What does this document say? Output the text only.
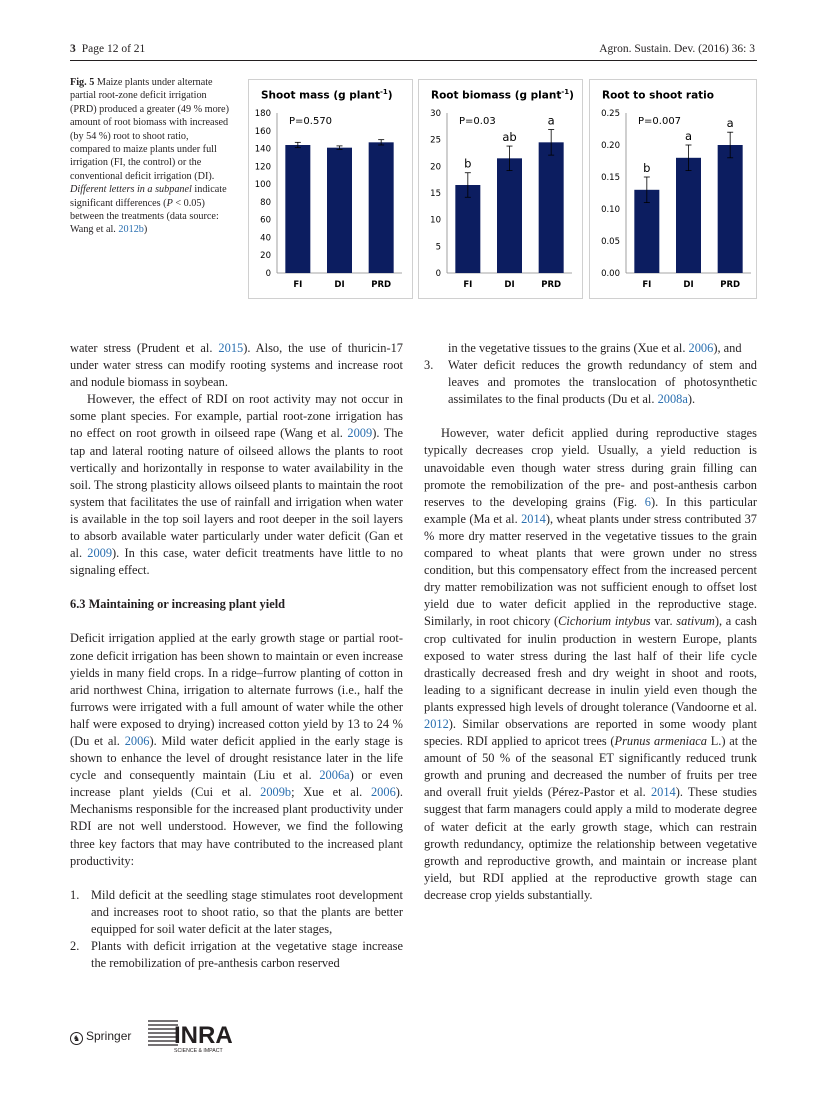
3 Page 12 of 21	Agron. Sustain. Dev. (2016) 36: 3
Fig. 5 Maize plants under alternate partial root-zone deficit irrigation (PRD) produced a greater (49 % more) amount of root biomass with increased (by 54 %) root to shoot ratio, compared to maize plants under full irrigation (FI, the control) or the conventional deficit irrigation (DI). Different letters in a subpanel indicate significant differences (P < 0.05) between the treatments (data source: Wang et al. 2012b)
Shoot mass (g plant$^{-1}$)
0
20
40
60
80
100
120
140
160
180
FI	DI	PRD
P=0.570
Root biomass (g plant$^{-1}$)
0
5
10
15
20
25
30
FI
b
DI
ab
PRD
a
P=0.03
Root to shoot ratio
0.00
0.05
0.10
0.15
0.20
0.25
FI
b
DI
a
PRD
a
P=0.007

water stress (Prudent et al. 2015). Also, the use of thuricin-17 under water stress can modify rooting systems and increase root and nodule biomass in soybean.

However, the effect of RDI on root activity may not occur in some plant species. For example, partial root-zone irrigation has no effect on root growth in oilseed rape (Wang et al. 2009). The tap and lateral rooting nature of oilseed allows the plants to root vertically and horizontally in response to water availability in the soil. The strong plasticity allows oilseed plants to maintain the root system that facilitates the use of rainfall and irrigation when water is available in the top soil layers and root deeper in the soil layers to absorb available water particularly under water deficit (Gan et al. 2009). In this case, water deficit treatments have little to no signaling effect.

6.3 Maintaining or increasing plant yield

Deficit irrigation applied at the early growth stage or partial root-zone deficit irrigation has been shown to maintain or even increase yields in many field crops. In a ridge–furrow planting of cotton in arid northwest China, irrigation to alternate furrows (i.e., half the furrows were irrigated with a full amount of water while the other half were exposed to drying) increased cotton yield by 13 to 24 % (Du et al. 2006). Mild water deficit applied in the early stage is shown to enhance the level of drought resistance later in the life cycle and consequently maintain (Liu et al. 2006a) or even increase plant yields (Cui et al. 2009b; Xue et al. 2006). Mechanisms responsible for the increased plant productivity under RDI are not well understood. However, we find the following three key factors that may have contributed to the increased plant productivity:

1. Mild deficit at the seedling stage stimulates root development and increases root to shoot ratio, so that the plants are better equipped for soil water deficit at the later stages,

2. Plants with deficit irrigation at the vegetative stage increase the remobilization of pre-anthesis carbon reserved

in the vegetative tissues to the grains (Xue et al. 2006), and

3. Water deficit reduces the growth redundancy of stem and leaves and promotes the translocation of photosynthetic assimilates to the final products (Du et al. 2008a).

However, water deficit applied during reproductive stages typically decreases crop yield. Usually, a yield reduction is unavoidable even though water stress during grain filling can promote the remobilization of the pre- and post-anthesis carbon reserves to the developing grains (Fig. 6). In this particular example (Ma et al. 2014), wheat plants under stress contributed 37 % more dry matter reserved in the vegetative tissues to the grain compared to wheat plants that were grown under no stress condition, but this compensatory effect from the increased percent dry matter remobilization was not sufficient enough to offset lost yield due to water deficit applied in the reproductive stage. Similarly, in root chicory (Cichorium intybus var. sativum), a cash crop cultivated for inulin production in western Europe, plants exposed to water stress during the last half of their life cycle drastically decreased fresh and dry weight in shoot and roots, leading to a significant decrease in inulin yield even though the plants expressed high levels of drought tolerance (Vandoorne et al. 2012). Similar observations are reported in some woody plant species. RDI applied to apricot trees (Prunus armeniaca L.) at the amount of 50 % of the seasonal ET significantly reduced trunk growth and pruning and decreased the number of fruits per tree and overall fruit yields (Pérez-Pastor et al. 2014). These studies suggest that farm managers could apply a mild to moderate degree of water deficit at the early growth stage, which can restrain growth redundancy, optimize the relationship between vegetative growth and reproductive growth, and maintain or increase plant yield, but RDI applied at the reproductive growth stage can decrease crop yields substantially.

♞ Springer INRA
SCIENCE & IMPACT
